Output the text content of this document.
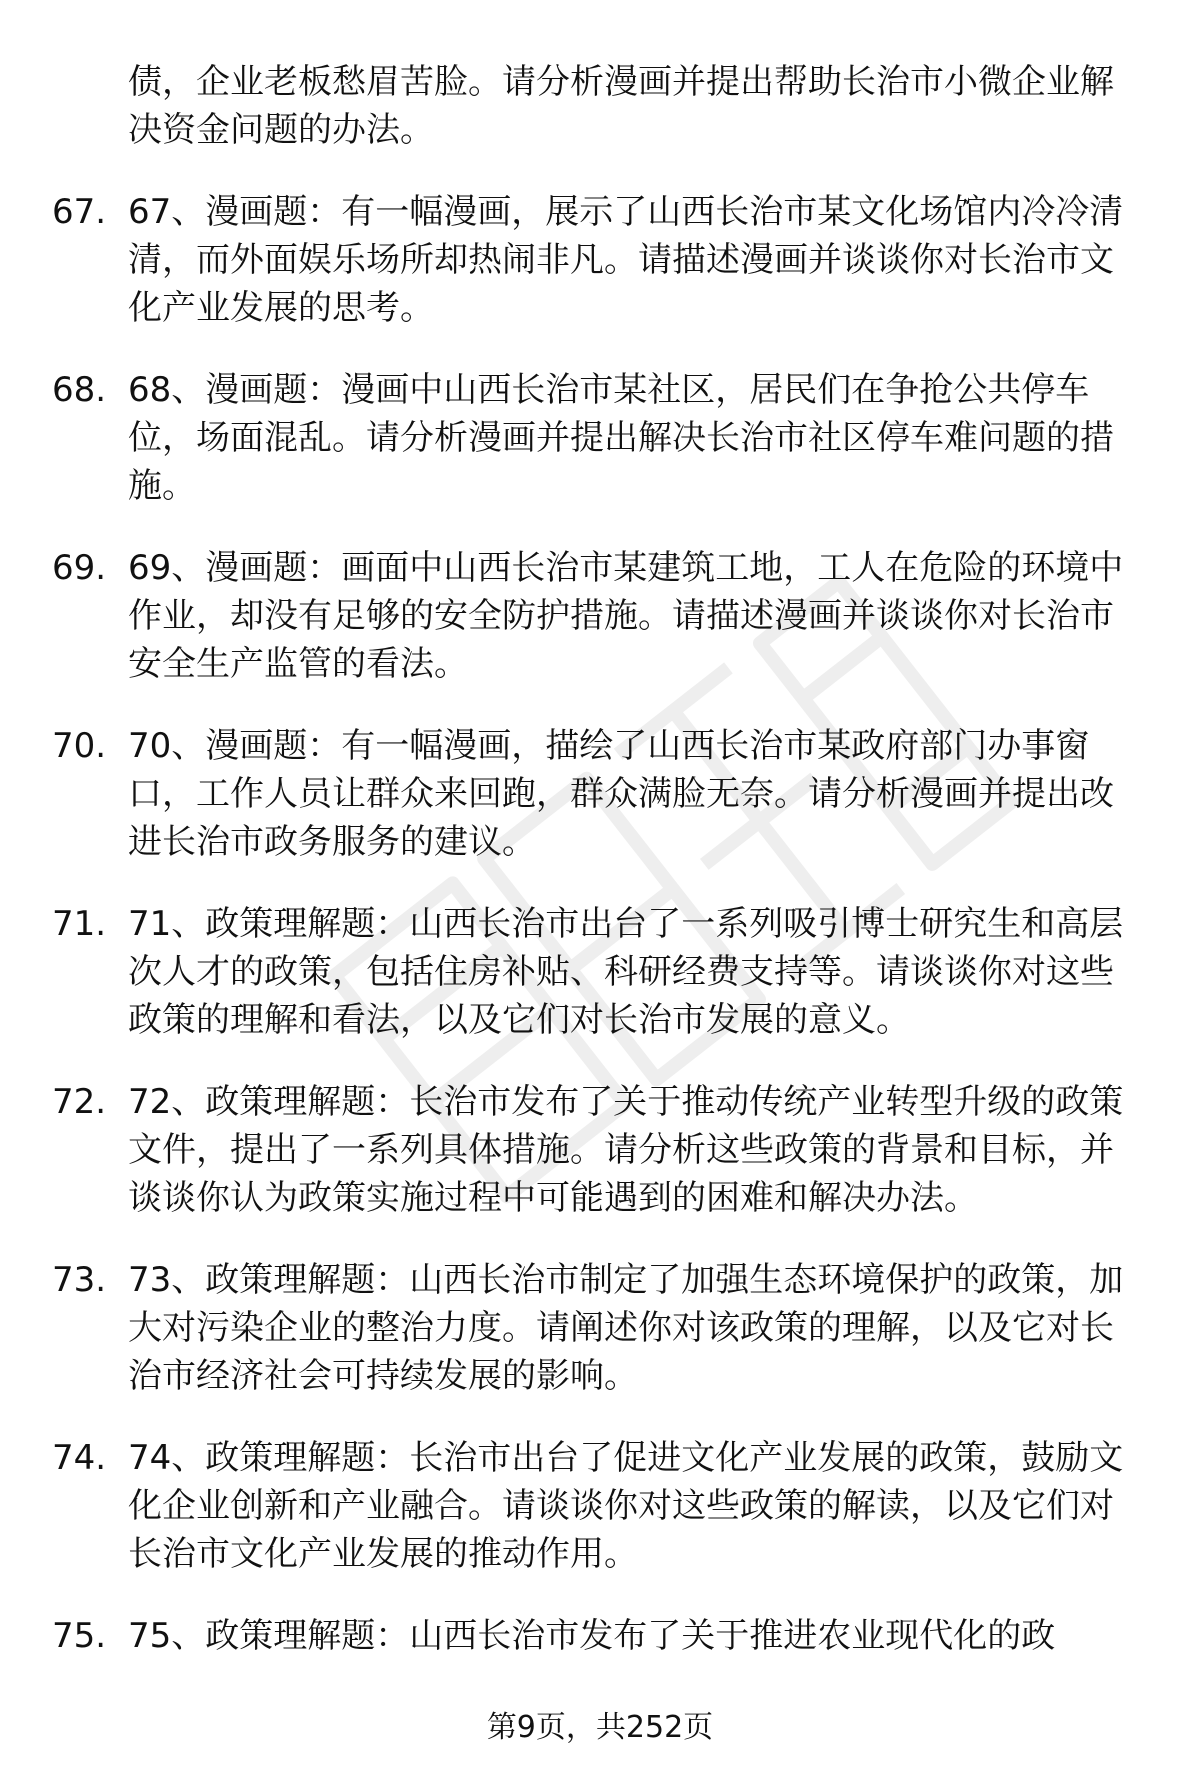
债，企业老板愁眉苦脸。请分析漫画并提出帮助长治市小微企业解决资金问题的办法。
67. 67、漫画题：有一幅漫画，展示了山西长治市某文化场馆内冷冷清清，而外面娱乐场所却热闹非凡。请描述漫画并谈谈你对长治市文化产业发展的思考。
68. 68、漫画题：漫画中山西长治市某社区，居民们在争抢公共停车位，场面混乱。请分析漫画并提出解决长治市社区停车难问题的措施。
69. 69、漫画题：画面中山西长治市某建筑工地，工人在危险的环境中作业，却没有足够的安全防护措施。请描述漫画并谈谈你对长治市安全生产监管的看法。
70. 70、漫画题：有一幅漫画，描绘了山西长治市某政府部门办事窗口，工作人员让群众来回跑，群众满脸无奈。请分析漫画并提出改进长治市政务服务的建议。
71. 71、政策理解题：山西长治市出台了一系列吸引博士研究生和高层次人才的政策，包括住房补贴、科研经费支持等。请谈谈你对这些政策的理解和看法，以及它们对长治市发展的意义。
72. 72、政策理解题：长治市发布了关于推动传统产业转型升级的政策文件，提出了一系列具体措施。请分析这些政策的背景和目标，并谈谈你认为政策实施过程中可能遇到的困难和解决办法。
73. 73、政策理解题：山西长治市制定了加强生态环境保护的政策，加大对污染企业的整治力度。请阐述你对该政策的理解，以及它对长治市经济社会可持续发展的影响。
74. 74、政策理解题：长治市出台了促进文化产业发展的政策，鼓励文化企业创新和产业融合。请谈谈你对这些政策的解读，以及它们对长治市文化产业发展的推动作用。
75. 75、政策理解题：山西长治市发布了关于推进农业现代化的政
第9页，共252页
